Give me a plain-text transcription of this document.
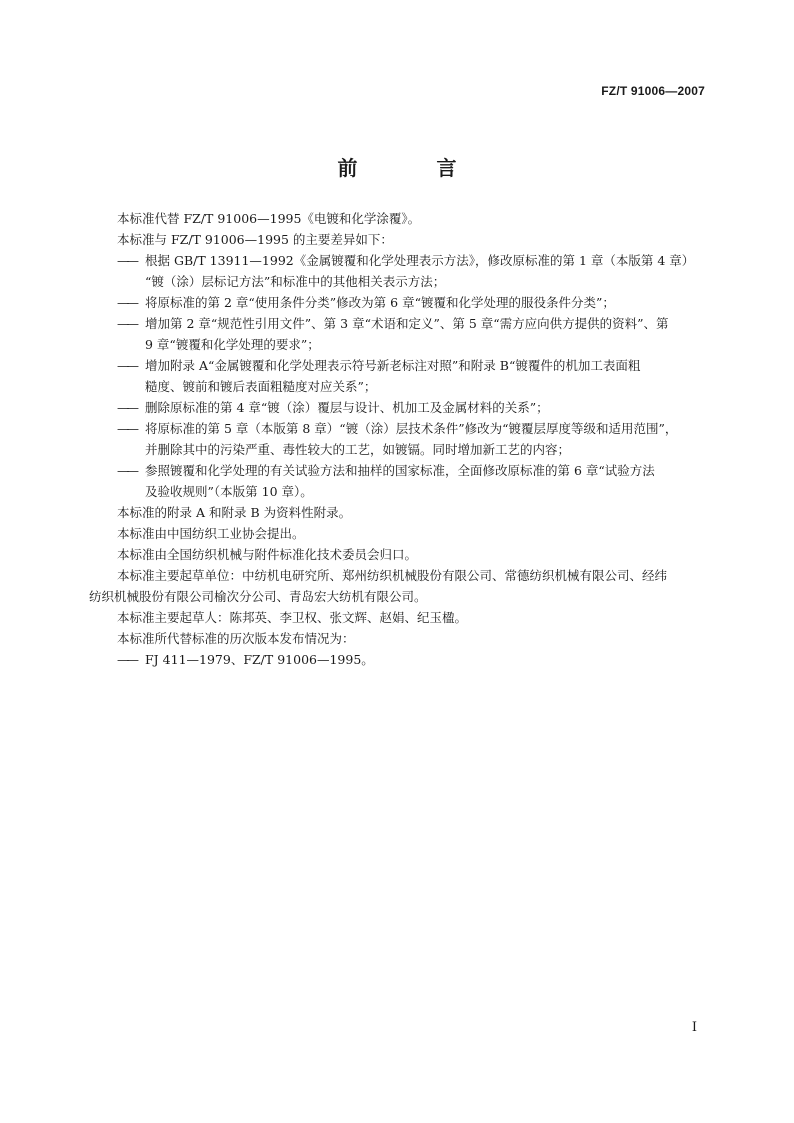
FZ/T 91006—2007
前 言
本标准代替 FZ/T 91006—1995《电镀和化学涂覆》。
本标准与 FZ/T 91006—1995 的主要差异如下：
—— 根据 GB/T 13911—1992《金属镀覆和化学处理表示方法》，修改原标准的第 1 章（本版第 4 章）
“镀（涂）层标记方法”和标准中的其他相关表示方法；
—— 将原标准的第 2 章“使用条件分类”修改为第 6 章“镀覆和化学处理的服役条件分类”；
—— 增加第 2 章“规范性引用文件”、第 3 章“术语和定义”、第 5 章“需方应向供方提供的资料”、第
9 章“镀覆和化学处理的要求”；
—— 增加附录 A“金属镀覆和化学处理表示符号新老标注对照”和附录 B“镀覆件的机加工表面粗
糙度、镀前和镀后表面粗糙度对应关系”；
—— 删除原标准的第 4 章“镀（涂）覆层与设计、机加工及金属材料的关系”；
—— 将原标准的第 5 章（本版第 8 章）“镀（涂）层技术条件”修改为“镀覆层厚度等级和适用范围”，
并删除其中的污染严重、毒性较大的工艺，如镀镉。同时增加新工艺的内容；
—— 参照镀覆和化学处理的有关试验方法和抽样的国家标准，全面修改原标准的第 6 章“试验方法
及验收规则”（本版第 10 章）。
本标准的附录 A 和附录 B 为资料性附录。
本标准由中国纺织工业协会提出。
本标准由全国纺织机械与附件标准化技术委员会归口。
本标准主要起草单位：中纺机电研究所、郑州纺织机械股份有限公司、常德纺织机械有限公司、经纬
纺织机械股份有限公司榆次分公司、青岛宏大纺机有限公司。
本标准主要起草人：陈邦英、李卫权、张文辉、赵娟、纪玉楹。
本标准所代替标准的历次版本发布情况为：
—— FJ 411—1979、FZ/T 91006—1995。
I
